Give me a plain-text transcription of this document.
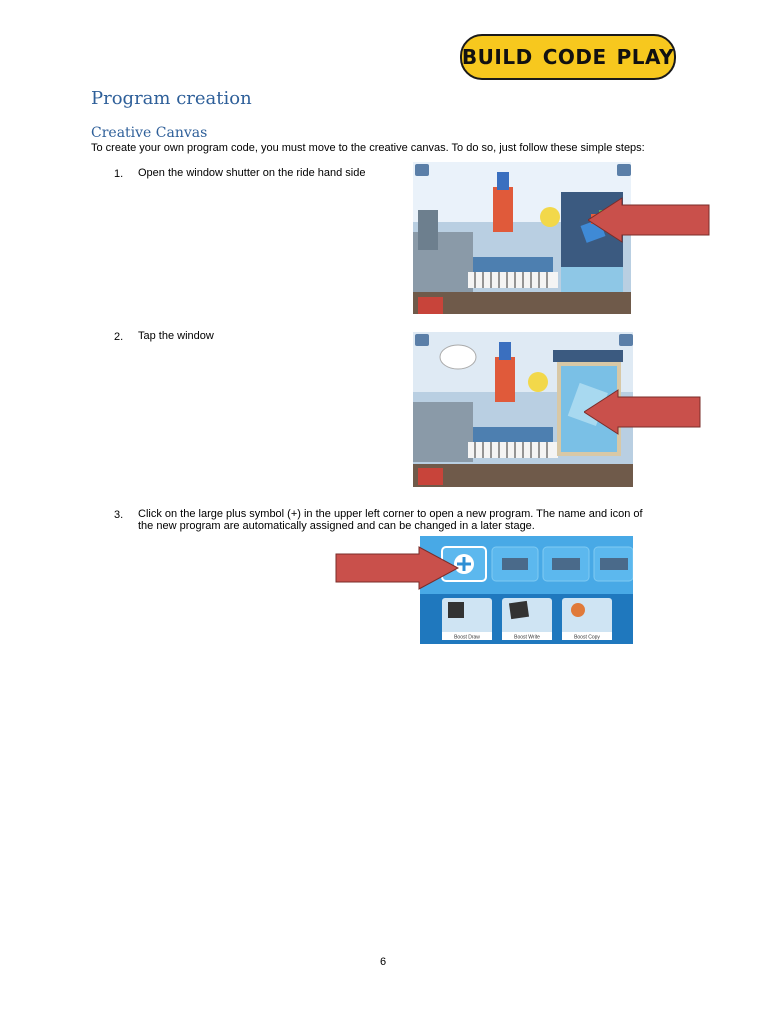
BUILD CODE PLAY
Program creation
Creative Canvas
To create your own program code, you must move to the creative canvas. To do so, just follow these simple steps:
1. Open the window shutter on the ride hand side
2. Tap the window
3. Click on the large plus symbol (+) in the upper left corner to open a new program. The name and icon of
the new program are automatically assigned and can be changed in a later stage.
Boost Draw	Boost Write	Boost Copy
6
